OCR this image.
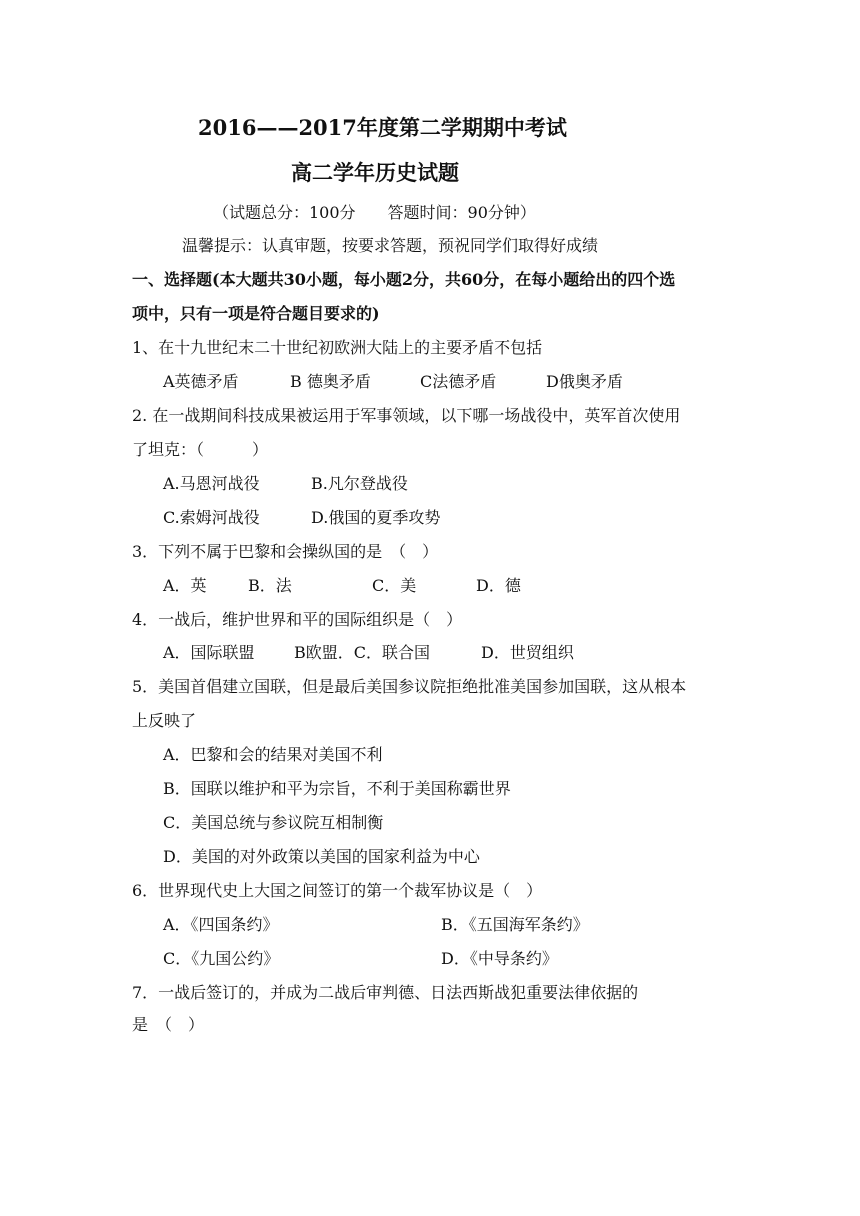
2016——2017年度第二学期期中考试
高二学年历史试题
（试题总分：100分　　答题时间：90分钟）
温馨提示：认真审题，按要求答题，预祝同学们取得好成绩
一、选择题(本大题共30小题，每小题2分，共60分，在每小题给出的四个选
项中，只有一项是符合题目要求的)
1、在十九世纪末二十世纪初欧洲大陆上的主要矛盾不包括
A英德矛盾	B 德奥矛盾	C法德矛盾	D俄奥矛盾
2. 在一战期间科技成果被运用于军事领域，以下哪一场战役中，英军首次使用
了坦克：（　　　）
A.马恩河战役	B.凡尔登战役
C.索姆河战役	D.俄国的夏季攻势
3．下列不属于巴黎和会操纵国的是　（　）
A．英	B．法	C．美	D．德
4．一战后，维护世界和平的国际组织是（　）
A．国际联盟 B欧盟．C．联合国	D．世贸组织
5．美国首倡建立国联，但是最后美国参议院拒绝批准美国参加国联，这从根本
上反映了
A．巴黎和会的结果对美国不利
B．国联以维护和平为宗旨，不利于美国称霸世界
C．美国总统与参议院互相制衡
D．美国的对外政策以美国的国家利益为中心
6．世界现代史上大国之间签订的第一个裁军协议是（　）
A．《四国条约》	B．《五国海军条约》
C．《九国公约》	D．《中导条约》
7．一战后签订的，并成为二战后审判德、日法西斯战犯重要法律依据的
是　（　）
